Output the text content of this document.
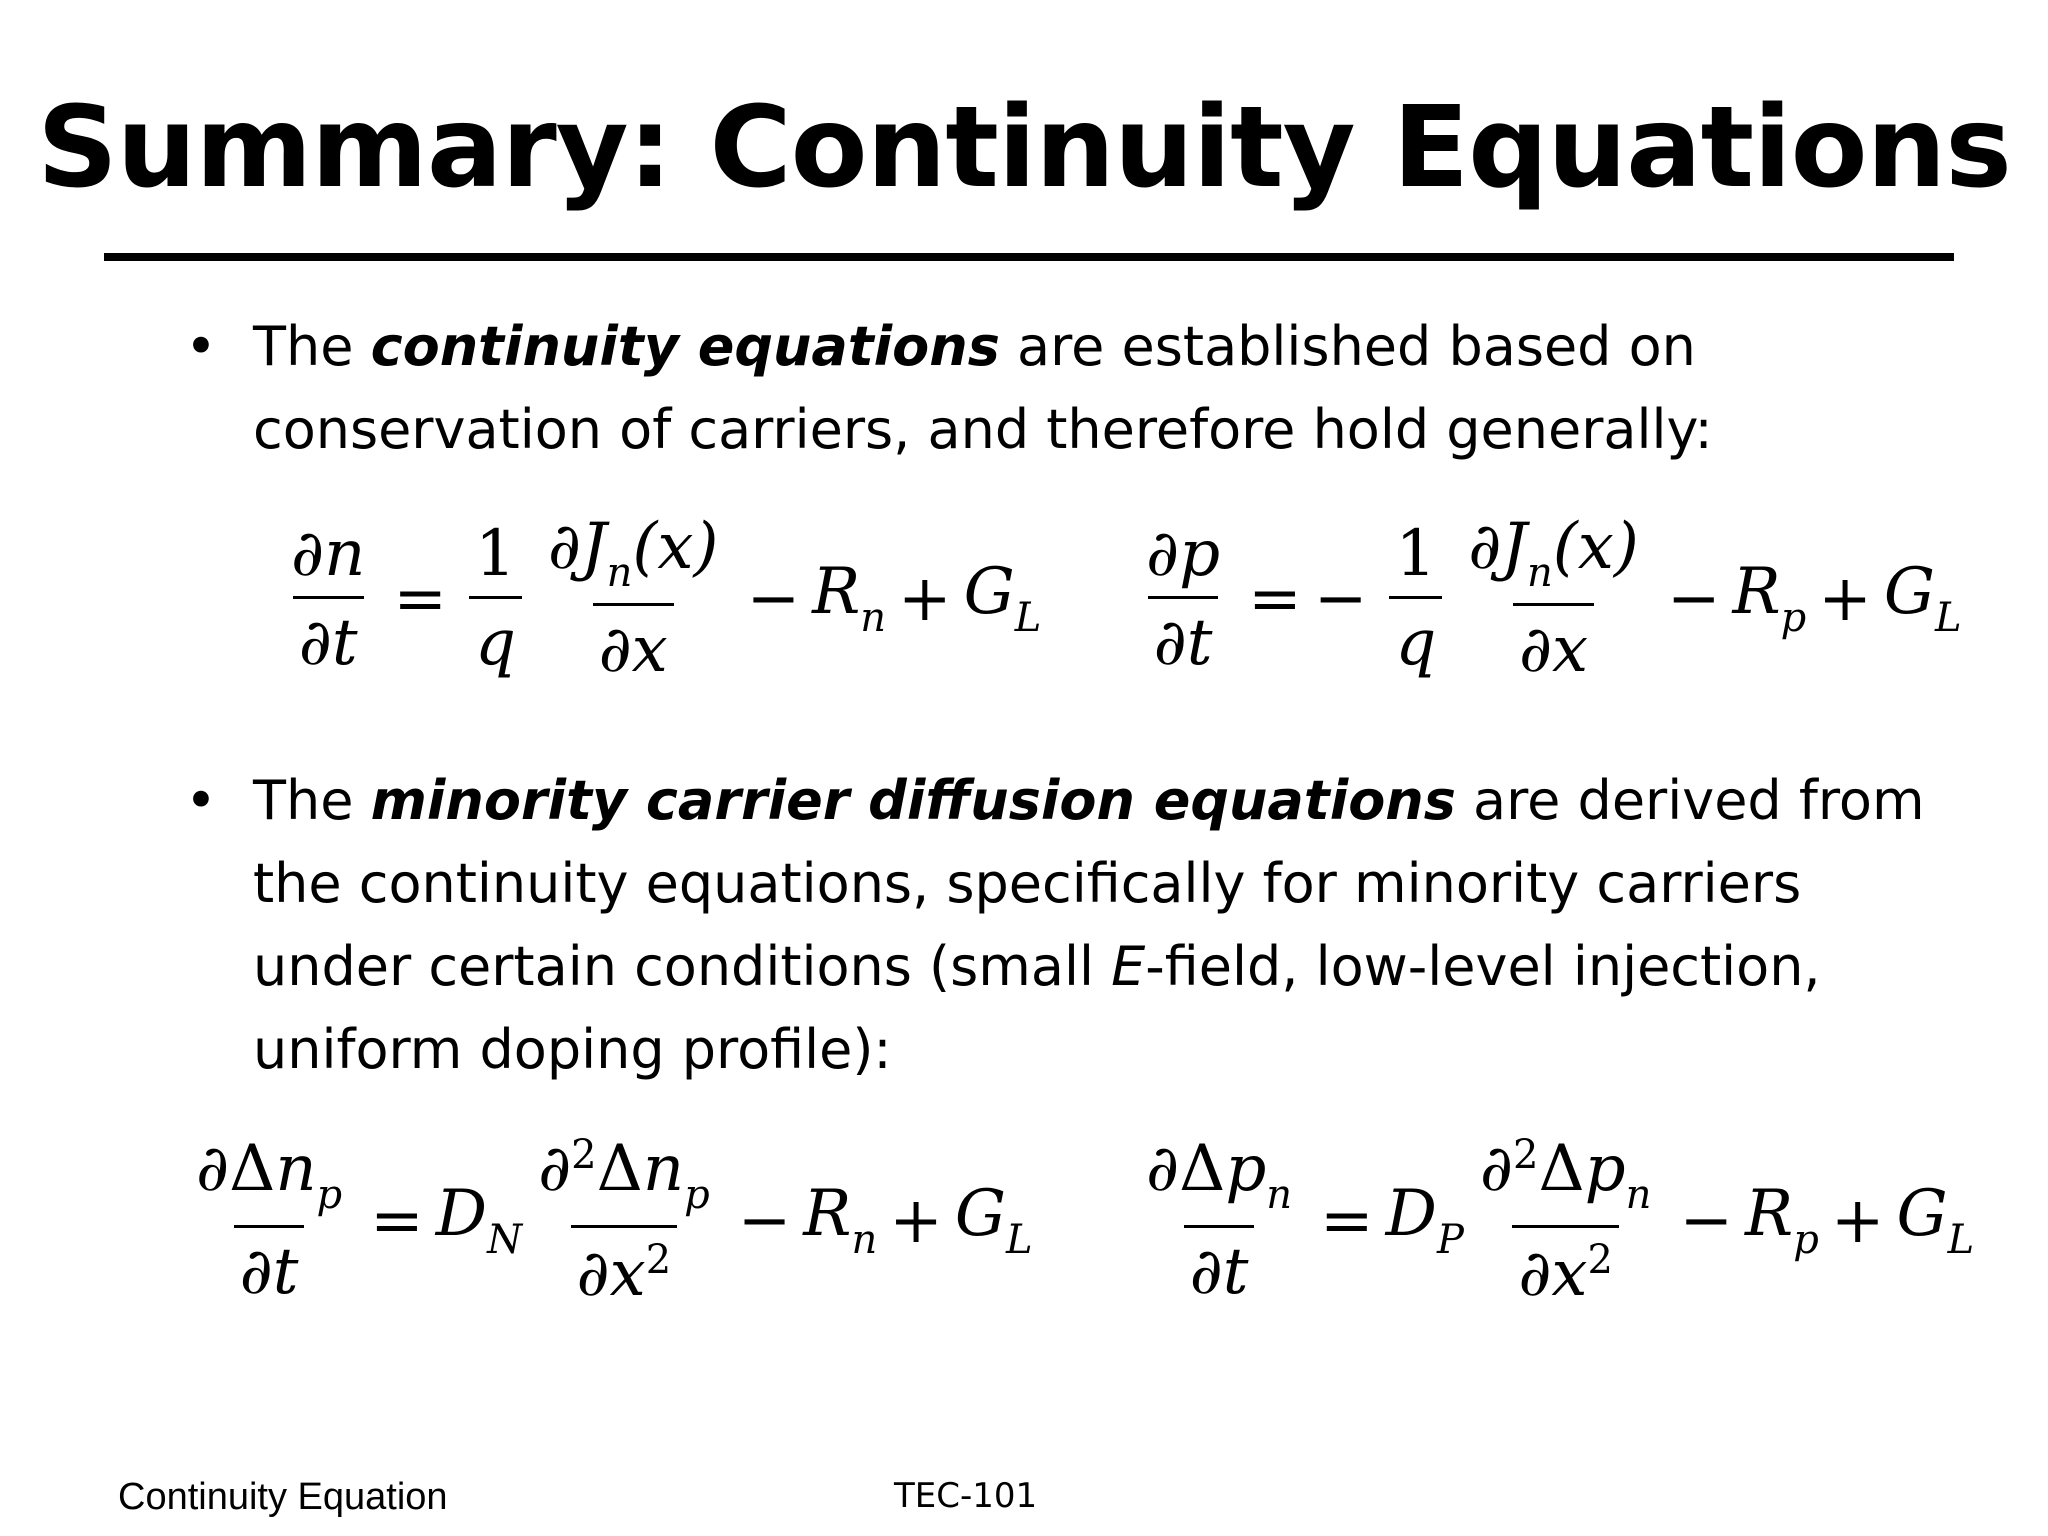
Summary: Continuity Equations
• The continuity equations are established based on conservation of carriers, and therefore hold generally:
$\frac{\partial n}{\partial t} = \frac{1}{q} \frac{\partial J_n(x)}{\partial x} - R_n + G_L \frac{\partial p}{\partial t}$ = − $\frac{1}{q} \frac{\partial J_n(x)}{\partial x} - R_p + G_L$
• The minority carrier diffusion equations are derived from the continuity equations, specifically for minority carriers under certain conditions (small E-field, low-level injection, uniform doping profile):
$\frac{\partial\Delta n_p}{\partial t} = D_N \frac{\partial^2\Delta n_p}{\partial x^2} - R_n + G_L \frac{\partial\Delta p_n}{\partial t} = D_P \frac{\partial^2\Delta p_n}{\partial x^2} - R_p + G_L$
Continuity Equation	TEC-101
